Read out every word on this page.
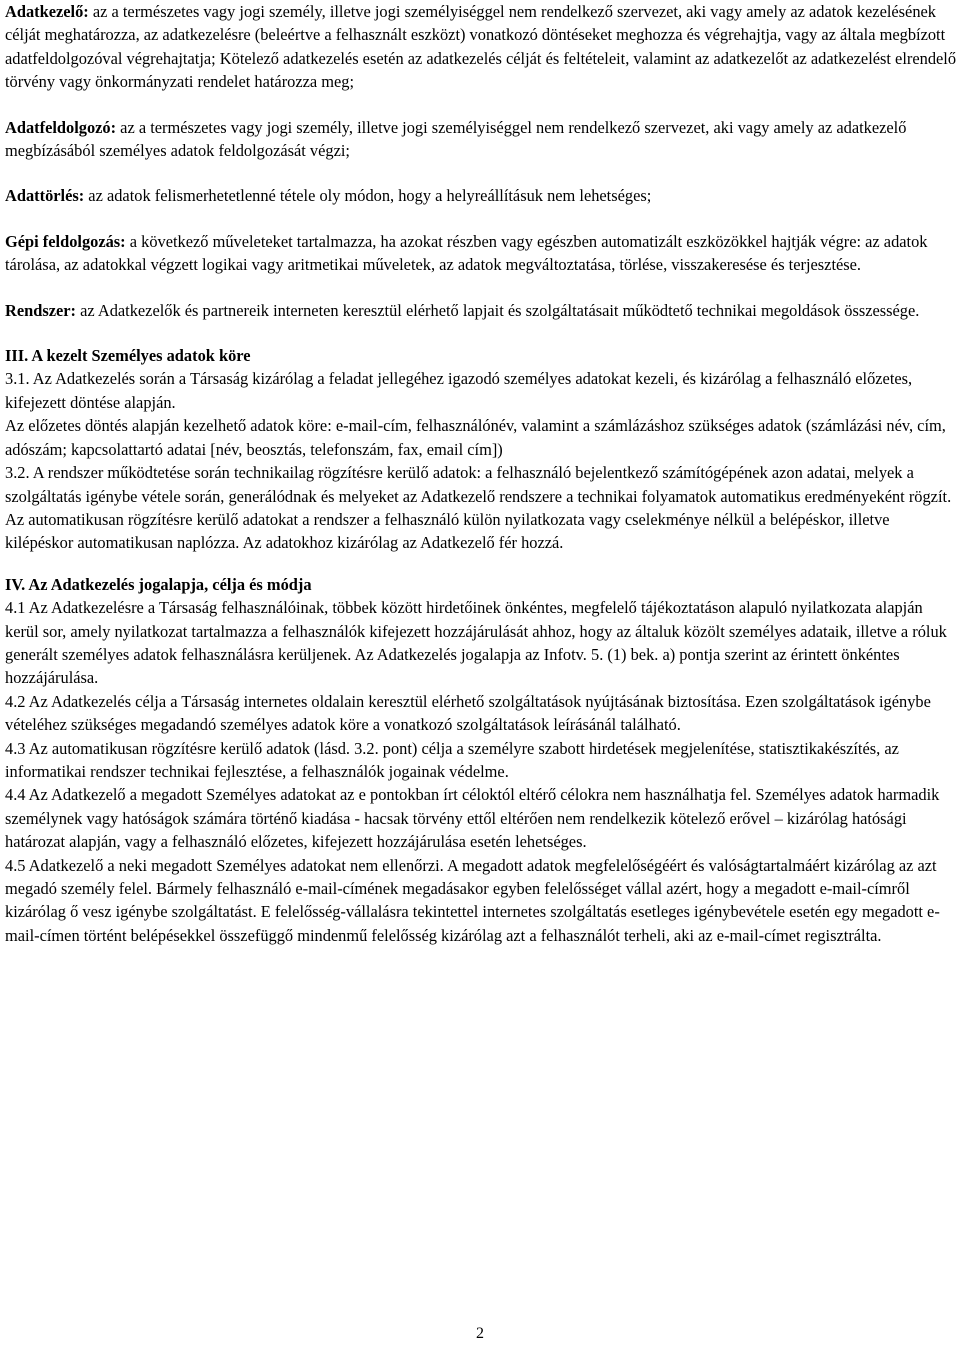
Adatkezelő: az a természetes vagy jogi személy, illetve jogi személyiséggel nem rendelkező szervezet, aki vagy amely az adatok kezelésének célját meghatározza, az adatkezelésre (beleértve a felhasznált eszközt) vonatkozó döntéseket meghozza és végrehajtja, vagy az általa megbízott adatfeldolgozóval végrehajtatja; Kötelező adatkezelés esetén az adatkezelés célját és feltételeit, valamint az adatkezelőt az adatkezelést elrendelő törvény vagy önkormányzati rendelet határozza meg;

Adatfeldolgozó: az a természetes vagy jogi személy, illetve jogi személyiséggel nem rendelkező szervezet, aki vagy amely az adatkezelő megbízásából személyes adatok feldolgozását végzi;

Adattörlés: az adatok felismerhetetlenné tétele oly módon, hogy a helyreállításuk nem lehetséges;

Gépi feldolgozás: a következő műveleteket tartalmazza, ha azokat részben vagy egészben automatizált eszközökkel hajtják végre: az adatok tárolása, az adatokkal végzett logikai vagy aritmetikai műveletek, az adatok megváltoztatása, törlése, visszakeresése és terjesztése.

Rendszer: az Adatkezelők és partnereik interneten keresztül elérhető lapjait és szolgáltatásait működtető technikai megoldások összessége.

III. A kezelt Személyes adatok köre

3.1. Az Adatkezelés során a Társaság kizárólag a feladat jellegéhez igazodó személyes adatokat kezeli, és kizárólag a felhasználó előzetes, kifejezett döntése alapján.

Az előzetes döntés alapján kezelhető adatok köre: e-mail-cím, felhasználónév, valamint a számlázáshoz szükséges adatok (számlázási név, cím, adószám; kapcsolattartó adatai [név, beosztás, telefonszám, fax, email cím])

3.2. A rendszer működtetése során technikailag rögzítésre kerülő adatok: a felhasználó bejelentkező számítógépének azon adatai, melyek a szolgáltatás igénybe vétele során, generálódnak és melyeket az Adatkezelő rendszere a technikai folyamatok automatikus eredményeként rögzít. Az automatikusan rögzítésre kerülő adatokat a rendszer a felhasználó külön nyilatkozata vagy cselekménye nélkül a belépéskor, illetve kilépéskor automatikusan naplózza. Az adatokhoz kizárólag az Adatkezelő fér hozzá.

IV. Az Adatkezelés jogalapja, célja és módja

4.1 Az Adatkezelésre a Társaság felhasználóinak, többek között hirdetőinek önkéntes, megfelelő tájékoztatáson alapuló nyilatkozata alapján kerül sor, amely nyilatkozat tartalmazza a felhasználók kifejezett hozzájárulását ahhoz, hogy az általuk közölt személyes adataik, illetve a róluk generált személyes adatok felhasználásra kerüljenek. Az Adatkezelés jogalapja az Infotv. 5. (1) bek. a) pontja szerint az érintett önkéntes hozzájárulása.

4.2 Az Adatkezelés célja a Társaság internetes oldalain keresztül elérhető szolgáltatások nyújtásának biztosítása. Ezen szolgáltatások igénybe vételéhez szükséges megadandó személyes adatok köre a vonatkozó szolgáltatások leírásánál található.

4.3 Az automatikusan rögzítésre kerülő adatok (lásd. 3.2. pont) célja a személyre szabott hirdetések megjelenítése, statisztikakészítés, az informatikai rendszer technikai fejlesztése, a felhasználók jogainak védelme.

4.4 Az Adatkezelő a megadott Személyes adatokat az e pontokban írt céloktól eltérő célokra nem használhatja fel. Személyes adatok harmadik személynek vagy hatóságok számára történő kiadása - hacsak törvény ettől eltérően nem rendelkezik kötelező erővel – kizárólag hatósági határozat alapján, vagy a felhasználó előzetes, kifejezett hozzájárulása esetén lehetséges.

4.5 Adatkezelő a neki megadott Személyes adatokat nem ellenőrzi. A megadott adatok megfelelőségéért és valóságtartalmáért kizárólag az azt megadó személy felel. Bármely felhasználó e-mail-címének megadásakor egyben felelősséget vállal azért, hogy a megadott e-mail-címről kizárólag ő vesz igénybe szolgáltatást. E felelősség-vállalásra tekintettel internetes szolgáltatás esetleges igénybevétele esetén egy megadott e-mail-címen történt belépésekkel összefüggő mindenmű felelősség kizárólag azt a felhasználót terheli, aki az e-mail-címet regisztrálta.

2
